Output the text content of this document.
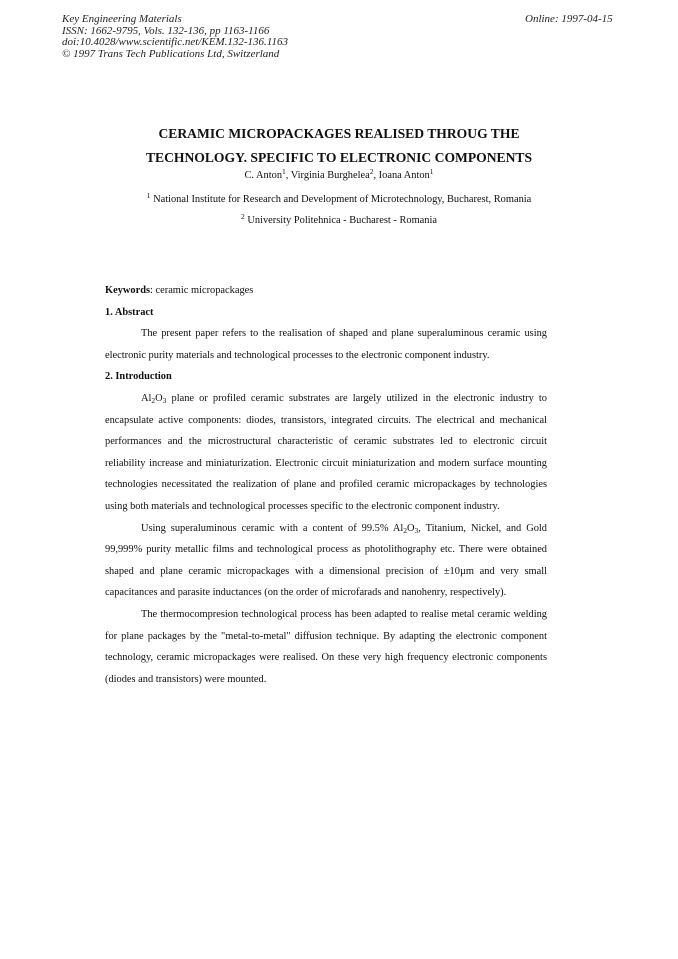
Key Engineering Materials
ISSN: 1662-9795, Vols. 132-136, pp 1163-1166
doi:10.4028/www.scientific.net/KEM.132-136.1163
© 1997 Trans Tech Publications Ltd, Switzerland
Online: 1997-04-15
CERAMIC MICROPACKAGES REALISED THROUG THE
TECHNOLOGY. SPECIFIC TO ELECTRONIC COMPONENTS
C. Anton$^1$, Virginia Burghelea$^2$, Ioana Anton$^1$
$^1$ National Institute for Research and Development of Microtechnology, Bucharest, Romania
$^2$ University Politehnica - Bucharest - Romania

Keywords: ceramic micropackages

1. Abstract

The present paper refers to the realisation of shaped and plane superaluminous ceramic using electronic purity materials and technological processes to the electronic component industry.

2. Introduction

$Al_2O_3$ plane or profiled ceramic substrates are largely utilized in the electronic industry to encapsulate active components: diodes, transistors, integrated circuits. The electrical and mechanical performances and the microstructural characteristic of ceramic substrates led to electronic circuit reliability increase and miniaturization. Electronic circuit miniaturization and modern surface mounting technologies necessitated the realization of plane and profiled ceramic micropackages by technologies using both materials and technological processes specific to the electronic component industry.

Using superaluminous ceramic with a content of 99.5% $Al_2O_3$, Titanium, Nickel, and Gold 99,999% purity metallic films and technological process as photolithography etc. There were obtained shaped and plane ceramic micropackages with a dimensional precision of ±10µm and very small capacitances and parasite inductances (on the order of microfarads and nanohenry, respectively).

The thermocompresion technological process has been adapted to realise metal ceramic welding for plane packages by the "metal-to-metal" diffusion technique. By adapting the electronic component technology, ceramic micropackages were realised. On these very high frequency electronic components (diodes and transistors) were mounted.
